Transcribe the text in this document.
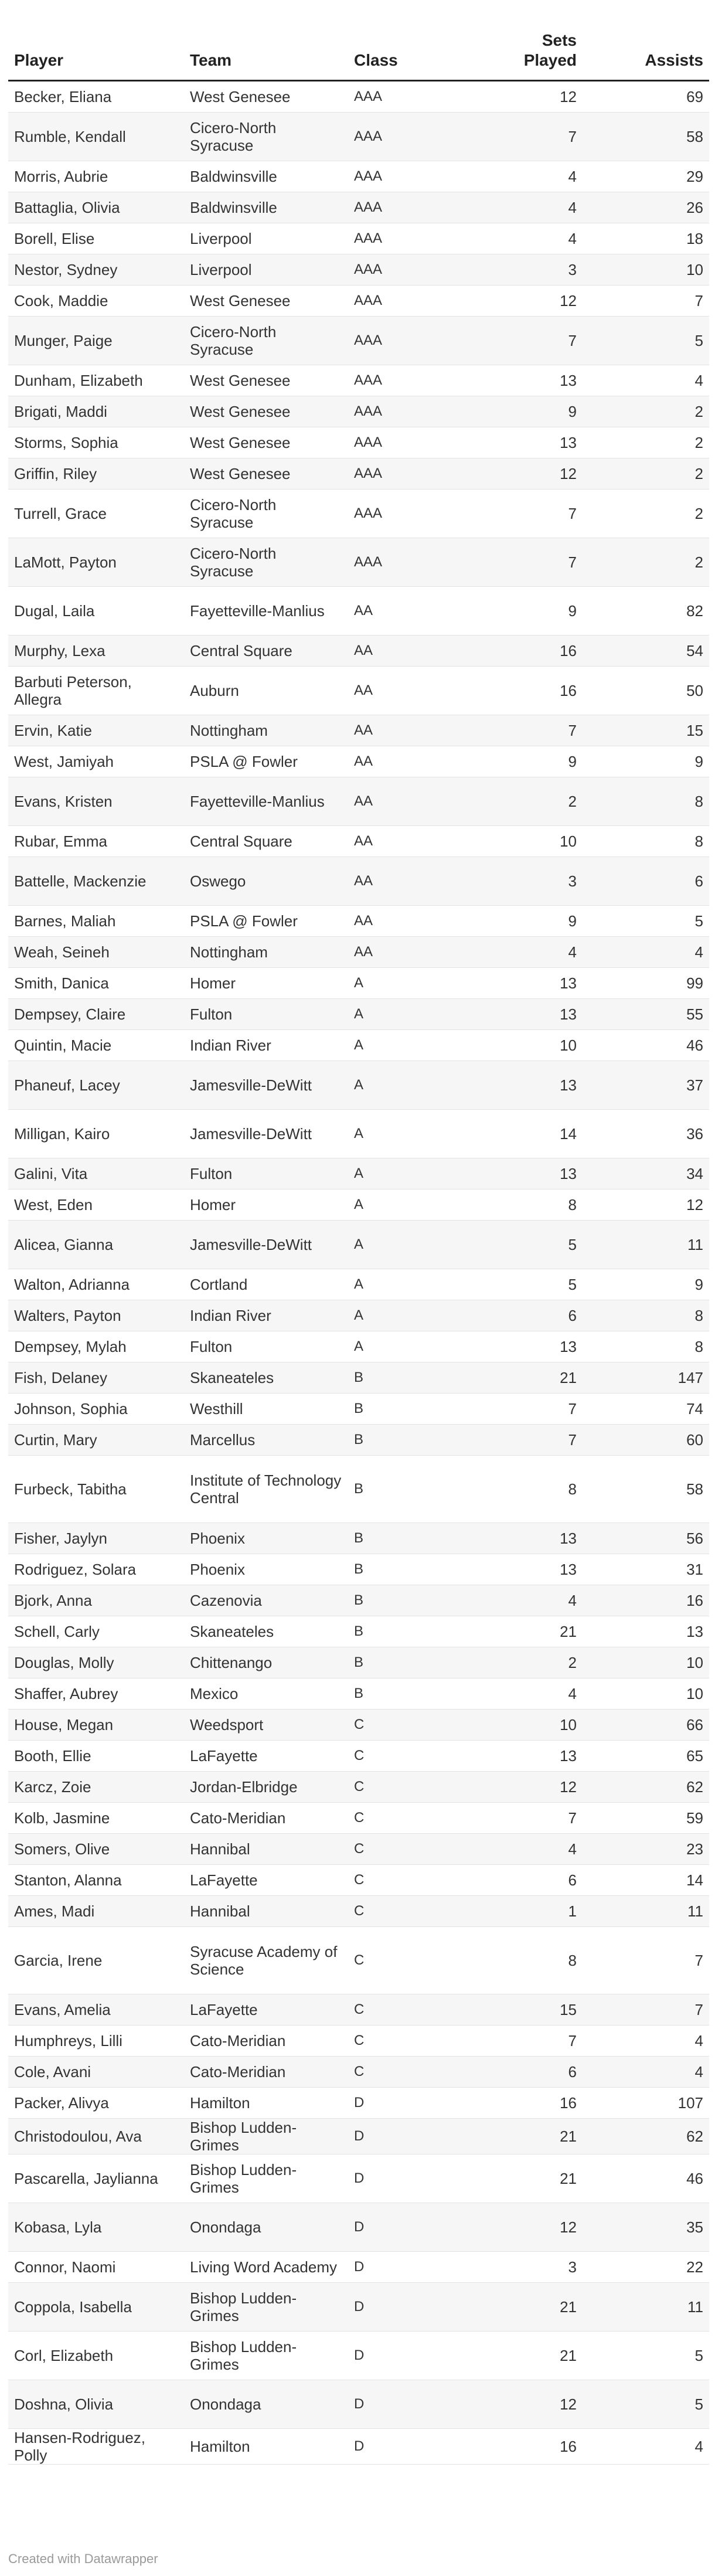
Player	Team	Class	Sets Played	Assists
Becker, Eliana	West Genesee	AAA	12	69
Rumble, Kendall	Cicero-North Syracuse	AAA	7	58
Morris, Aubrie	Baldwinsville	AAA	4	29
Battaglia, Olivia	Baldwinsville	AAA	4	26
Borell, Elise	Liverpool	AAA	4	18
Nestor, Sydney	Liverpool	AAA	3	10
Cook, Maddie	West Genesee	AAA	12	7
Munger, Paige	Cicero-North Syracuse	AAA	7	5
Dunham, Elizabeth	West Genesee	AAA	13	4
Brigati, Maddi	West Genesee	AAA	9	2
Storms, Sophia	West Genesee	AAA	13	2
Griffin, Riley	West Genesee	AAA	12	2
Turrell, Grace	Cicero-North Syracuse	AAA	7	2
LaMott, Payton	Cicero-North Syracuse	AAA	7	2
Dugal, Laila	Fayetteville-Manlius	AA	9	82
Murphy, Lexa	Central Square	AA	16	54
Barbuti Peterson, Allegra	Auburn	AA	16	50
Ervin, Katie	Nottingham	AA	7	15
West, Jamiyah	PSLA @ Fowler	AA	9	9
Evans, Kristen	Fayetteville-Manlius	AA	2	8
Rubar, Emma	Central Square	AA	10	8
Battelle, Mackenzie	Oswego	AA	3	6
Barnes, Maliah	PSLA @ Fowler	AA	9	5
Weah, Seineh	Nottingham	AA	4	4
Smith, Danica	Homer	A	13	99
Dempsey, Claire	Fulton	A	13	55
Quintin, Macie	Indian River	A	10	46
Phaneuf, Lacey	Jamesville-DeWitt	A	13	37
Milligan, Kairo	Jamesville-DeWitt	A	14	36
Galini, Vita	Fulton	A	13	34
West, Eden	Homer	A	8	12
Alicea, Gianna	Jamesville-DeWitt	A	5	11
Walton, Adrianna	Cortland	A	5	9
Walters, Payton	Indian River	A	6	8
Dempsey, Mylah	Fulton	A	13	8
Fish, Delaney	Skaneateles	B	21	147
Johnson, Sophia	Westhill	B	7	74
Curtin, Mary	Marcellus	B	7	60
Furbeck, Tabitha	Institute of Technology Central	B	8	58
Fisher, Jaylyn	Phoenix	B	13	56
Rodriguez, Solara	Phoenix	B	13	31
Bjork, Anna	Cazenovia	B	4	16
Schell, Carly	Skaneateles	B	21	13
Douglas, Molly	Chittenango	B	2	10
Shaffer, Aubrey	Mexico	B	4	10
House, Megan	Weedsport	C	10	66
Booth, Ellie	LaFayette	C	13	65
Karcz, Zoie	Jordan-Elbridge	C	12	62
Kolb, Jasmine	Cato-Meridian	C	7	59
Somers, Olive	Hannibal	C	4	23
Stanton, Alanna	LaFayette	C	6	14
Ames, Madi	Hannibal	C	1	11
Garcia, Irene	Syracuse Academy of Science	C	8	7
Evans, Amelia	LaFayette	C	15	7
Humphreys, Lilli	Cato-Meridian	C	7	4
Cole, Avani	Cato-Meridian	C	6	4
Packer, Alivya	Hamilton	D	16	107
Christodoulou, Ava	Bishop Ludden-Grimes	D	21	62
Pascarella, Jaylianna	Bishop Ludden-Grimes	D	21	46
Kobasa, Lyla	Onondaga	D	12	35
Connor, Naomi	Living Word Academy	D	3	22
Coppola, Isabella	Bishop Ludden-Grimes	D	21	11
Corl, Elizabeth	Bishop Ludden-Grimes	D	21	5
Doshna, Olivia	Onondaga	D	12	5
Hansen-Rodriguez, Polly	Hamilton	D	16	4
Created with Datawrapper
